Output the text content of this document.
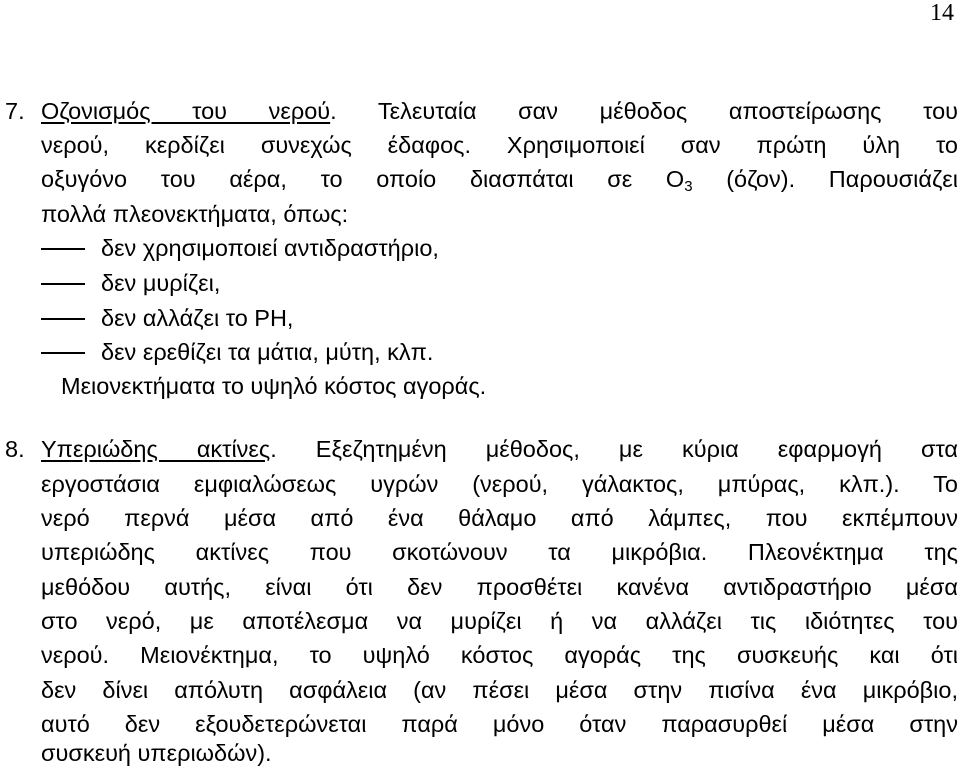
14
7. Οζονισμός του νερού. Τελευταία σαν μέθοδος αποστείρωσης του
νερού, κερδίζει συνεχώς έδαφος. Χρησιμοποιεί σαν πρώτη ύλη το
οξυγόνο του αέρα, το οποίο διασπάται σε $O_3$ (όζον). Παρουσιάζει
πολλά πλεονεκτήματα, όπως:
δεν χρησιμοποιεί αντιδραστήριο,
δεν μυρίζει,
δεν αλλάζει το PH,
δεν ερεθίζει τα μάτια, μύτη, κλπ.
Μειονεκτήματα το υψηλό κόστος αγοράς.
8. Υπεριώδης ακτίνες. Εξεζητημένη μέθοδος, με κύρια εφαρμογή στα
εργοστάσια εμφιαλώσεως υγρών (νερού, γάλακτος, μπύρας, κλπ.). Το
νερό περνά μέσα από ένα θάλαμο από λάμπες, που εκπέμπουν
υπεριώδης ακτίνες που σκοτώνουν τα μικρόβια. Πλεονέκτημα της
μεθόδου αυτής, είναι ότι δεν προσθέτει κανένα αντιδραστήριο μέσα
στο νερό, με αποτέλεσμα να μυρίζει ή να αλλάζει τις ιδιότητες του
νερού. Μειονέκτημα, το υψηλό κόστος αγοράς της συσκευής και ότι
δεν δίνει απόλυτη ασφάλεια (αν πέσει μέσα στην πισίνα ένα μικρόβιο,
αυτό δεν εξουδετερώνεται παρά μόνο όταν παρασυρθεί μέσα στην
συσκευή υπεριωδών).
